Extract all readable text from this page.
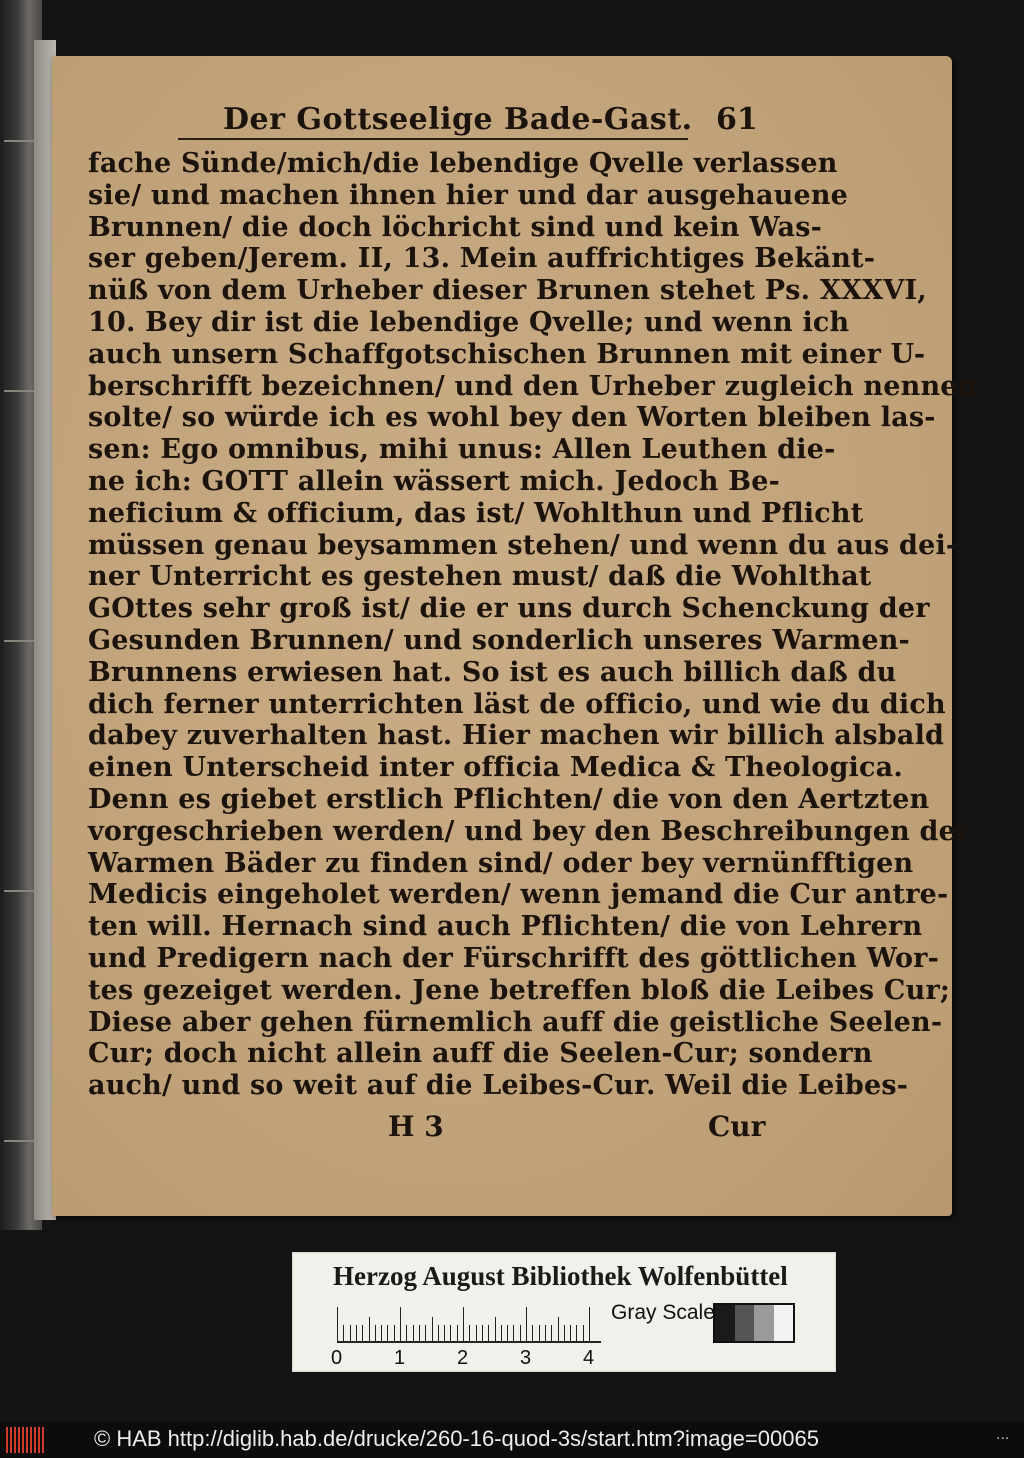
Der Gottseelige Bade-Gast. 61
fache Sünde/mich/die lebendige Qvelle verlassen
sie/ und machen ihnen hier und dar ausgehauene
Brunnen/ die doch löchricht sind und kein Was-
ser geben/Jerem. II, 13. Mein auffrichtiges Bekänt-
nüß von dem Urheber dieser Brunen stehet Ps. XXXVI,
10. Bey dir ist die lebendige Qvelle; und wenn ich
auch unsern Schaffgotschischen Brunnen mit einer U-
berschrifft bezeichnen/ und den Urheber zugleich nennen
solte/ so würde ich es wohl bey den Worten bleiben las-
sen: Ego omnibus, mihi unus: Allen Leuthen die-
ne ich: GOTT allein wässert mich. Jedoch Be-
neficium & officium, das ist/ Wohlthun und Pflicht
müssen genau beysammen stehen/ und wenn du aus dei-
ner Unterricht es gestehen must/ daß die Wohlthat
GOttes sehr groß ist/ die er uns durch Schenckung der
Gesunden Brunnen/ und sonderlich unseres Warmen-
Brunnens erwiesen hat. So ist es auch billich daß du
dich ferner unterrichten läst de officio, und wie du dich
dabey zuverhalten hast. Hier machen wir billich alsbald
einen Unterscheid inter officia Medica & Theologica.
Denn es giebet erstlich Pflichten/ die von den Aertzten
vorgeschrieben werden/ und bey den Beschreibungen der
Warmen Bäder zu finden sind/ oder bey vernünfftigen
Medicis eingeholet werden/ wenn jemand die Cur antre-
ten will. Hernach sind auch Pflichten/ die von Lehrern
und Predigern nach der Fürschrifft des göttlichen Wor-
tes gezeiget werden. Jene betreffen bloß die Leibes Cur;
Diese aber gehen fürnemlich auff die geistliche Seelen-
Cur; doch nicht allein auff die Seelen-Cur; sondern
auch/ und so weit auf die Leibes-Cur. Weil die Leibes-
H 3	Cur
Herzog August Bibliothek Wolfenbüttel
0	1	2	3	4
Gray Scale
© HAB http://diglib.hab.de/drucke/260-16-quod-3s/start.htm?image=00065	...
